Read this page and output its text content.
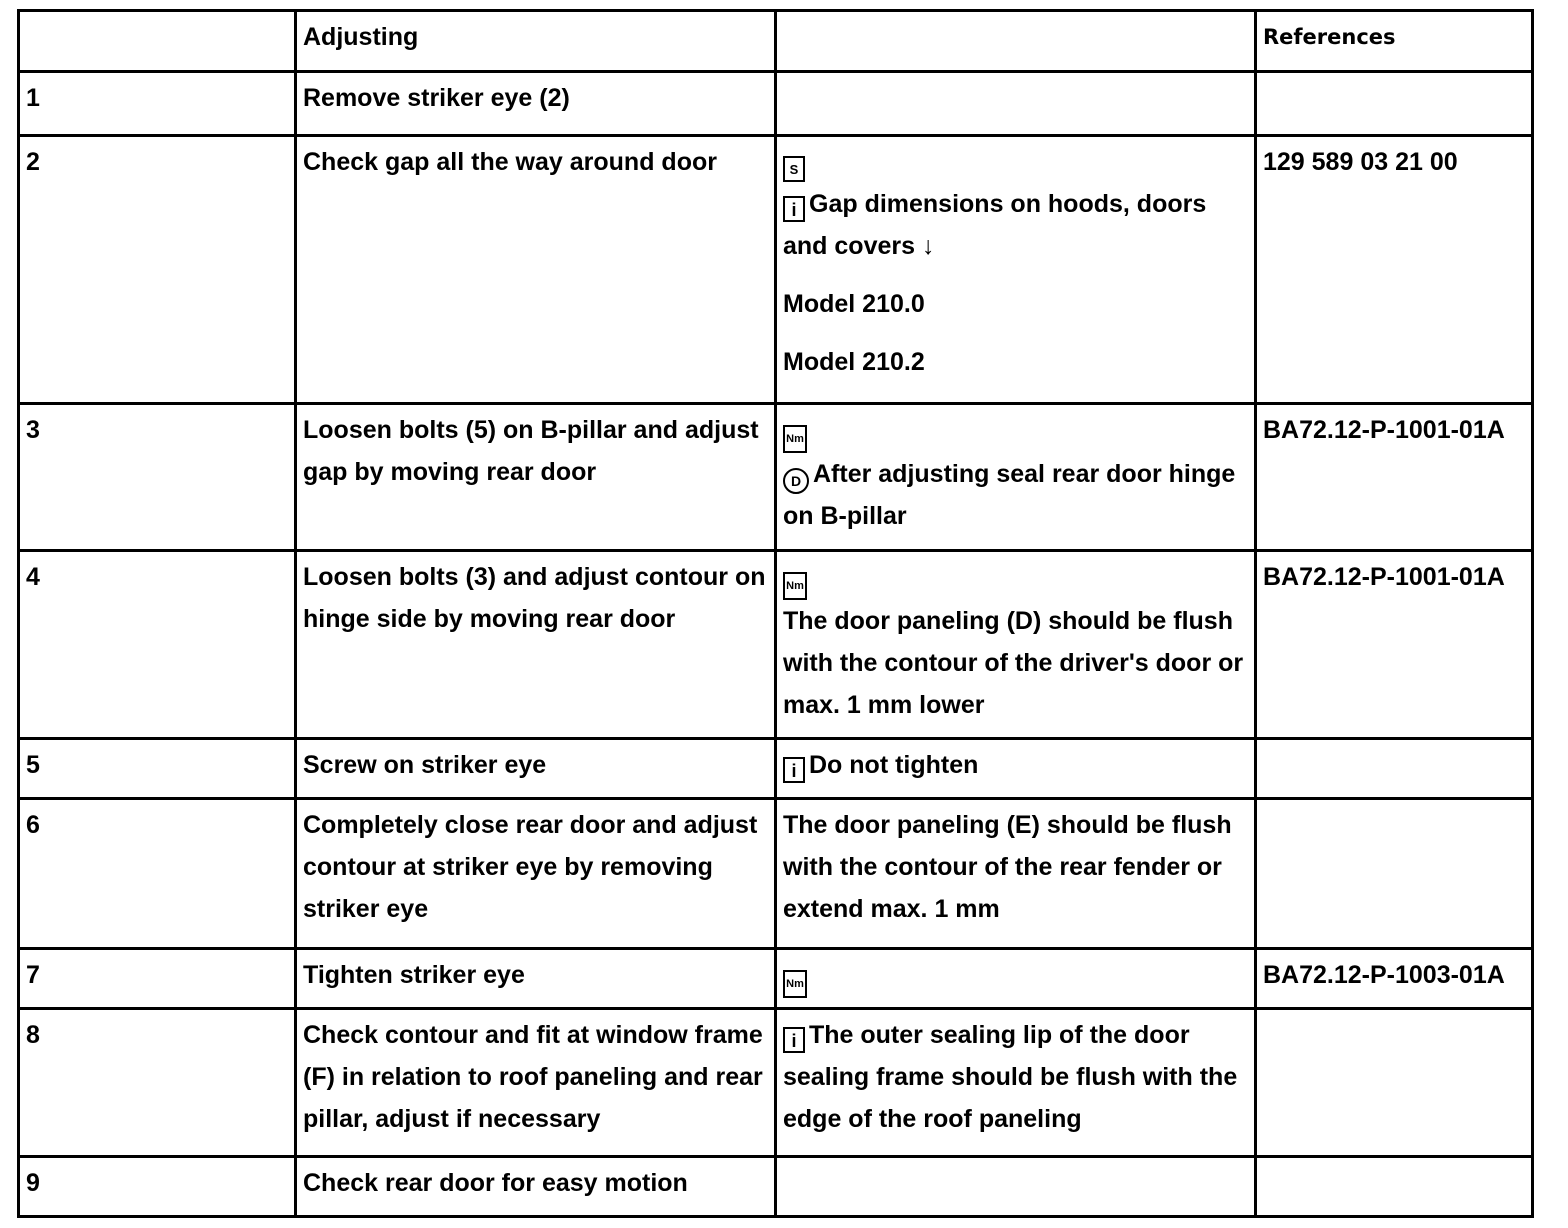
	Adjusting		References
1	Remove striker eye (2)		
2	Check gap all the way around door	S
i Gap dimensions on hoods, doors and covers ↓
Model 210.0
Model 210.2	129 589 03 21 00
3	Loosen bolts (5) on B-pillar and adjust gap by moving rear door	Nm
D After adjusting seal rear door hinge on B-pillar	BA72.12-P-1001-01A
4	Loosen bolts (3) and adjust contour on hinge side by moving rear door	Nm
The door paneling (D) should be flush with the contour of the driver's door or max. 1 mm lower	BA72.12-P-1001-01A
5	Screw on striker eye	i Do not tighten	
6	Completely close rear door and adjust contour at striker eye by removing striker eye	The door paneling (E) should be flush with the contour of the rear fender or extend max. 1 mm	
7	Tighten striker eye	Nm	BA72.12-P-1003-01A
8	Check contour and fit at window frame (F) in relation to roof paneling and rear pillar, adjust if necessary	i The outer sealing lip of the door sealing frame should be flush with the edge of the roof paneling	
9	Check rear door for easy motion		
